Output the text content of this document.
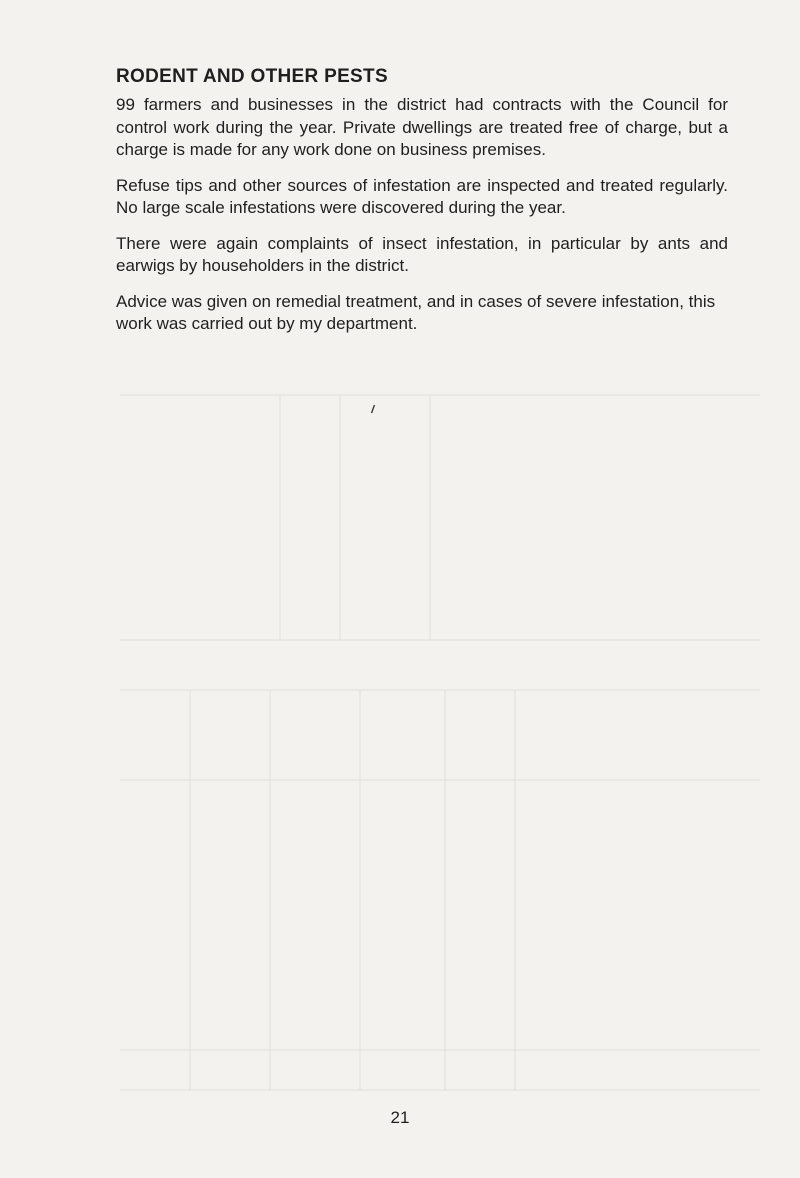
RODENT AND OTHER PESTS

99 farmers and businesses in the district had contracts with the Council for control work during the year. Private dwellings are treated free of charge, but a charge is made for any work done on business premises.

Refuse tips and other sources of infestation are inspected and treated regularly. No large scale infestations were discovered during the year.

There were again complaints of insect infestation, in particular by ants and earwigs by householders in the district.

Advice was given on remedial treatment, and in cases of severe infestation, this work was carried out by my department.

21
